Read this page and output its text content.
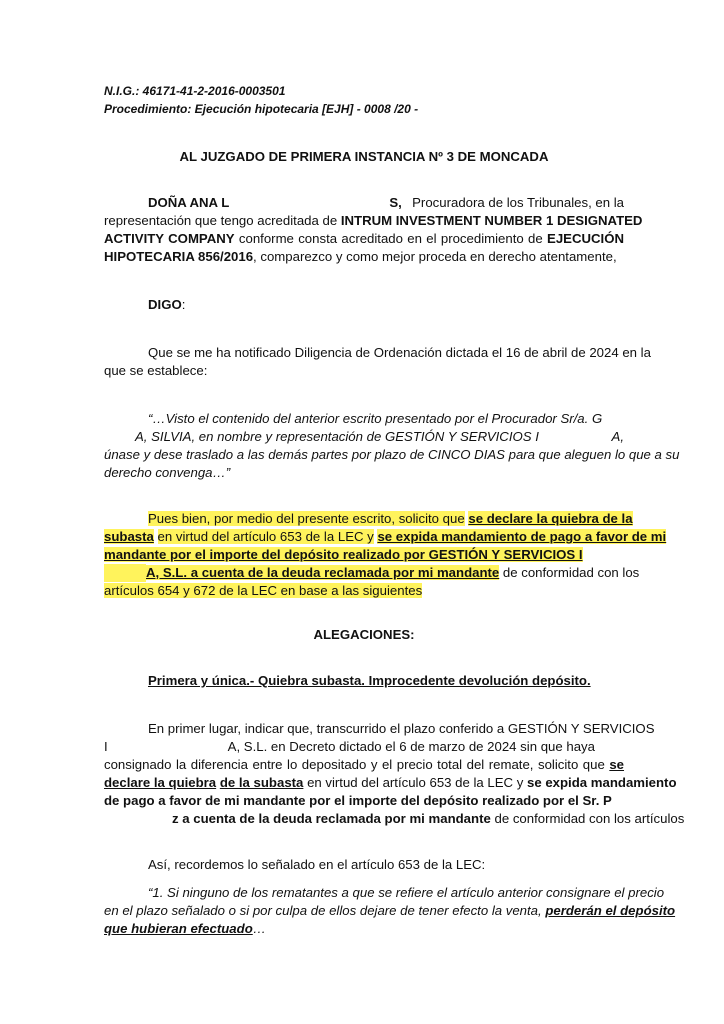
N.I.G.: 46171-41-2-2016-0003501
Procedimiento: Ejecución hipotecaria [EJH] - 0008 /20 -
AL JUZGADO DE PRIMERA INSTANCIA Nº 3 DE MONCADA
DOÑA ANA L	S, Procuradora de los Tribunales, en la
representación que tengo acreditada de INTRUM INVESTMENT NUMBER 1 DESIGNATED
ACTIVITY COMPANY conforme consta acreditado en el procedimiento de EJECUCIÓN
HIPOTECARIA 856/2016, comparezco y como mejor proceda en derecho atentamente,
DIGO:
Que se me ha notificado Diligencia de Ordenación dictada el 16 de abril de 2024 en la
que se establece:
“…Visto el contenido del anterior escrito presentado por el Procurador Sr/a. G
A, SILVIA, en nombre y representación de GESTIÓN Y SERVICIOS I	A,
únase y dese traslado a las demás partes por plazo de CINCO DIAS para que aleguen lo que a su
derecho convenga…”
Pues bien, por medio del presente escrito, solicito que se declare la quiebra de la
subasta en virtud del artículo 653 de la LEC y se expida mandamiento de pago a favor de mi
mandante por el importe del depósito realizado por GESTIÓN Y SERVICIOS I
A, S.L. a cuenta de la deuda reclamada por mi mandante de conformidad con los
artículos 654 y 672 de la LEC en base a las siguientes
ALEGACIONES:
Primera y única.- Quiebra subasta. Improcedente devolución depósito.
En primer lugar, indicar que, transcurrido el plazo conferido a GESTIÓN Y SERVICIOS
I	A, S.L. en Decreto dictado el 6 de marzo de 2024 sin que haya
consignado la diferencia entre lo depositado y el precio total del remate, solicito que se
declare la quiebra de la subasta en virtud del artículo 653 de la LEC y se expida mandamiento
de pago a favor de mi mandante por el importe del depósito realizado por el Sr. P
z a cuenta de la deuda reclamada por mi mandante de conformidad con los artículos
Así, recordemos lo señalado en el artículo 653 de la LEC:
“1. Si ninguno de los rematantes a que se refiere el artículo anterior consignare el precio
en el plazo señalado o si por culpa de ellos dejare de tener efecto la venta, perderán el depósito
que hubieran efectuado…
